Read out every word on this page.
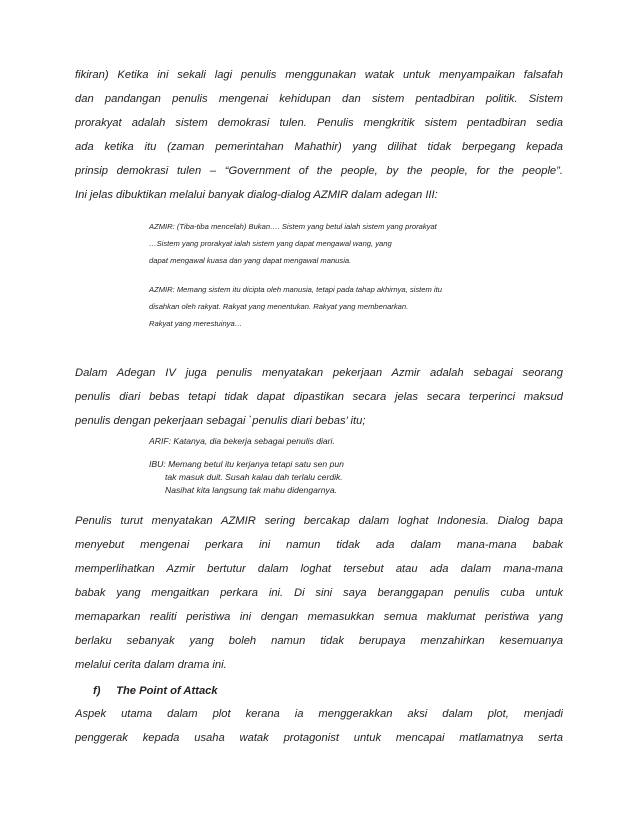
fikiran) Ketika ini sekali lagi penulis menggunakan watak untuk menyampaikan falsafah
dan pandangan penulis mengenai kehidupan dan sistem pentadbiran politik. Sistem
prorakyat adalah sistem demokrasi tulen. Penulis mengkritik sistem pentadbiran sedia
ada ketika itu (zaman pemerintahan Mahathir) yang dilihat tidak berpegang kepada
prinsip demokrasi tulen – “Government of the people, by the people, for the people”.
Ini jelas dibuktikan melalui banyak dialog-dialog AZMIR dalam adegan III:
AZMIR: (Tiba-tiba mencelah) Bukan…. Sistem yang betul ialah sistem yang prorakyat
…Sistem yang prorakyat ialah sistem yang dapat mengawal wang, yang
dapat mengawal kuasa dan yang dapat mengawal manusia.
AZMIR: Memang sistem itu dicipta oleh manusia, tetapi pada tahap akhirnya, sistem itu
disahkan oleh rakyat. Rakyat yang menentukan. Rakyat yang membenarkan.
Rakyat yang merestuinya…
Dalam Adegan IV juga penulis menyatakan pekerjaan Azmir adalah sebagai seorang
penulis diari bebas tetapi tidak dapat dipastikan secara jelas secara terperinci maksud
penulis dengan pekerjaan sebagai `penulis diari bebas’ itu;
ARIF: Katanya, dia bekerja sebagai penulis diari.
IBU: Memang betul itu kerjanya tetapi satu sen pun
tak masuk duit. Susah kalau dah terlalu cerdik.
Nasihat kita langsung tak mahu didengarnya.
Penulis turut menyatakan AZMIR sering bercakap dalam loghat Indonesia. Dialog bapa
menyebut mengenai perkara ini namun tidak ada dalam mana-mana babak
memperlihatkan Azmir bertutur dalam loghat tersebut atau ada dalam mana-mana
babak yang mengaitkan perkara ini. Di sini saya beranggapan penulis cuba untuk
memaparkan realiti peristiwa ini dengan memasukkan semua maklumat peristiwa yang
berlaku sebanyak yang boleh namun tidak berupaya menzahirkan kesemuanya
melalui cerita dalam drama ini.
f) The Point of Attack
Aspek utama dalam plot kerana ia menggerakkan aksi dalam plot, menjadi
penggerak kepada usaha watak protagonist untuk mencapai matlamatnya serta
